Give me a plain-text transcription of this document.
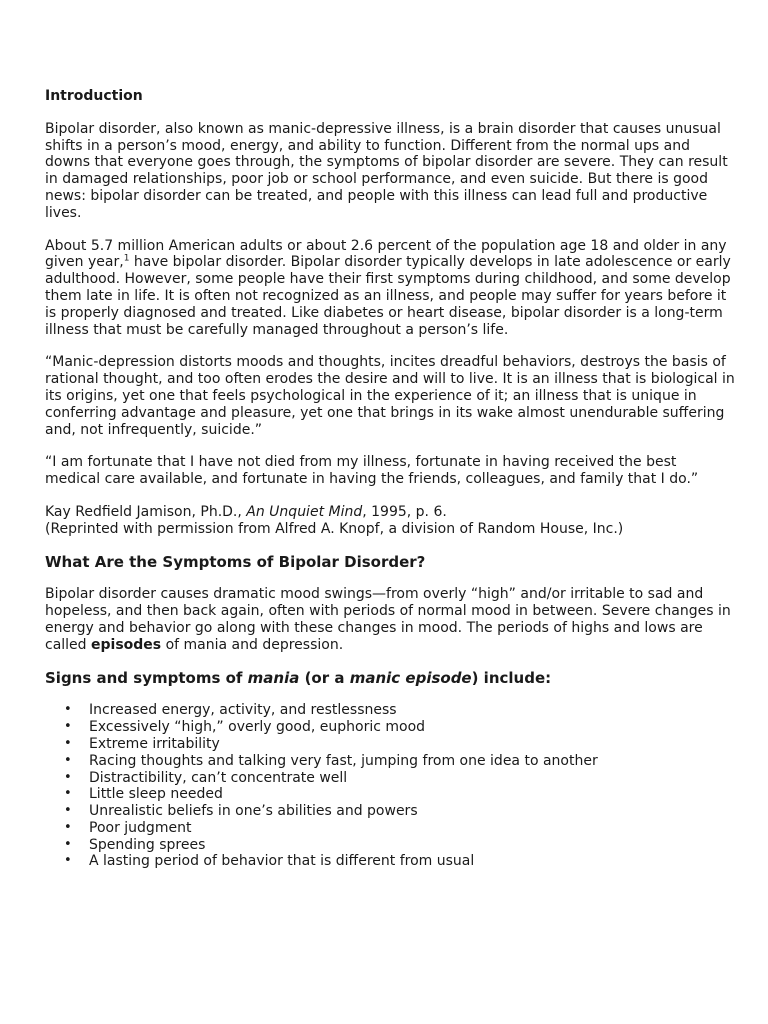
Introduction

Bipolar disorder, also known as manic-depressive illness, is a brain disorder that causes unusual shifts in a person’s mood, energy, and ability to function. Different from the normal ups and downs that everyone goes through, the symptoms of bipolar disorder are severe. They can result in damaged relationships, poor job or school performance, and even suicide. But there is good news: bipolar disorder can be treated, and people with this illness can lead full and productive lives.

About 5.7 million American adults or about 2.6 percent of the population age 18 and older in any given year,$^1$ have bipolar disorder. Bipolar disorder typically develops in late adolescence or early adulthood. However, some people have their first symptoms during childhood, and some develop them late in life. It is often not recognized as an illness, and people may suffer for years before it is properly diagnosed and treated. Like diabetes or heart disease, bipolar disorder is a long-term illness that must be carefully managed throughout a person’s life.

“Manic-depression distorts moods and thoughts, incites dreadful behaviors, destroys the basis of rational thought, and too often erodes the desire and will to live. It is an illness that is biological in its origins, yet one that feels psychological in the experience of it; an illness that is unique in conferring advantage and pleasure, yet one that brings in its wake almost unendurable suffering and, not infrequently, suicide.”

“I am fortunate that I have not died from my illness, fortunate in having received the best medical care available, and fortunate in having the friends, colleagues, and family that I do.”

Kay Redfield Jamison, Ph.D., An Unquiet Mind, 1995, p. 6.
(Reprinted with permission from Alfred A. Knopf, a division of Random House, Inc.)
What Are the Symptoms of Bipolar Disorder?

Bipolar disorder causes dramatic mood swings—from overly “high” and/or irritable to sad and hopeless, and then back again, often with periods of normal mood in between. Severe changes in energy and behavior go along with these changes in mood. The periods of highs and lows are called episodes of mania and depression.

Signs and symptoms of mania (or a manic episode) include:
• Increased energy, activity, and restlessness
• Excessively “high,” overly good, euphoric mood
• Extreme irritability
• Racing thoughts and talking very fast, jumping from one idea to another
• Distractibility, can’t concentrate well
• Little sleep needed
• Unrealistic beliefs in one’s abilities and powers
• Poor judgment
• Spending sprees
• A lasting period of behavior that is different from usual
